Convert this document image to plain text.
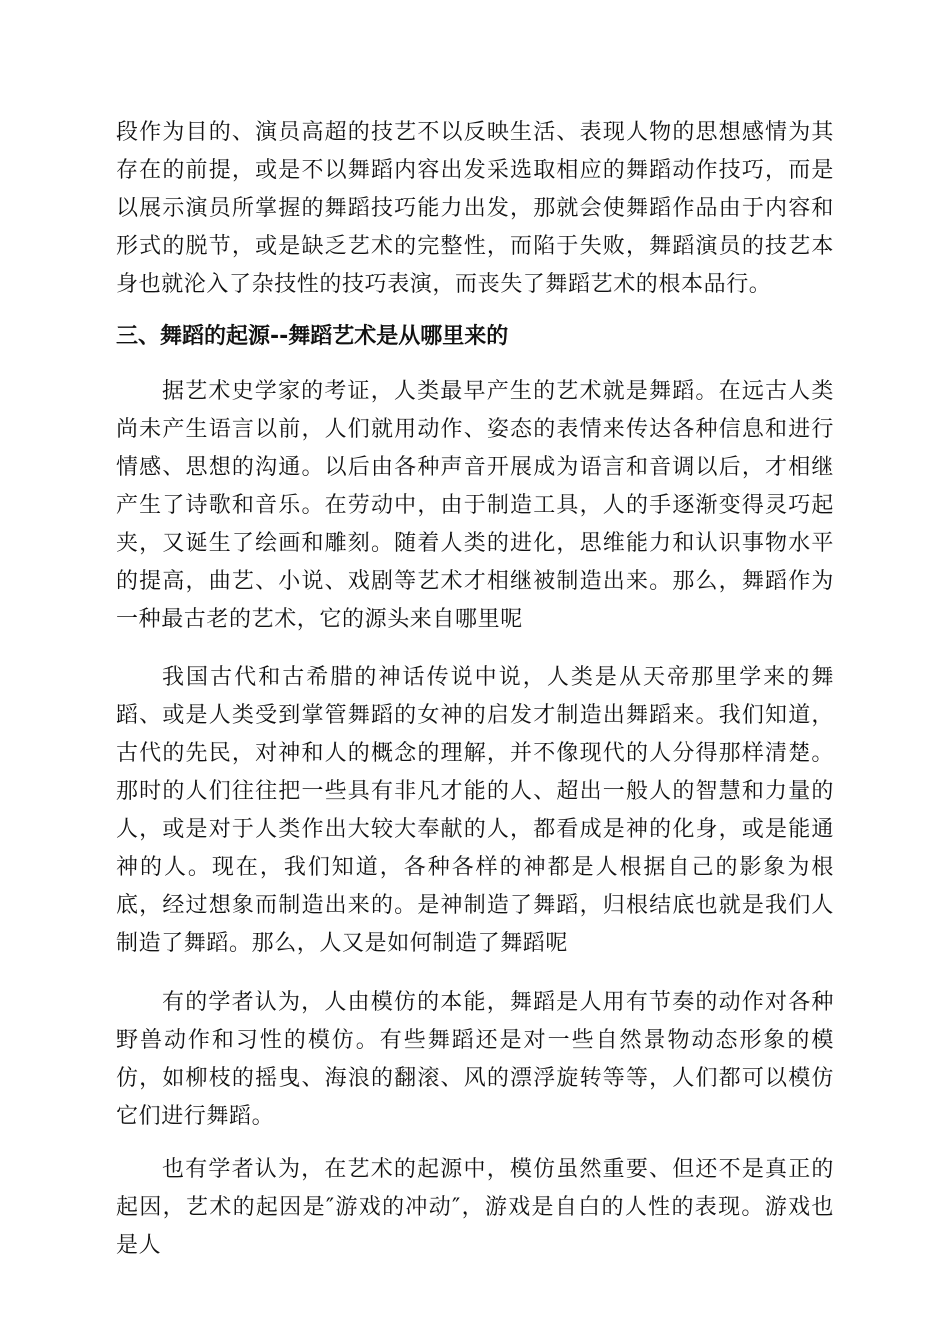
段作为目的、演员高超的技艺不以反映生活、表现人物的思想感情为其存在的前提，或是不以舞蹈内容出发采选取相应的舞蹈动作技巧，而是以展示演员所掌握的舞蹈技巧能力出发，那就会使舞蹈作品由于内容和形式的脱节，或是缺乏艺术的完整性，而陷于失败，舞蹈演员的技艺本身也就沦入了杂技性的技巧表演，而丧失了舞蹈艺术的根本品行。

三、舞蹈的起源--舞蹈艺术是从哪里来的

据艺术史学家的考证，人类最早产生的艺术就是舞蹈。在远古人类尚未产生语言以前，人们就用动作、姿态的表情来传达各种信息和进行情感、思想的沟通。以后由各种声音开展成为语言和音调以后，才相继产生了诗歌和音乐。在劳动中，由于制造工具，人的手逐渐变得灵巧起夹，又诞生了绘画和雕刻。随着人类的进化，思维能力和认识事物水平的提高，曲艺、小说、戏剧等艺术才相继被制造出来。那么，舞蹈作为一种最古老的艺术，它的源头来自哪里呢

我国古代和古希腊的神话传说中说，人类是从天帝那里学来的舞蹈、或是人类受到掌管舞蹈的女神的启发才制造出舞蹈来。我们知道，古代的先民，对神和人的概念的理解，并不像现代的人分得那样清楚。那时的人们往往把一些具有非凡才能的人、超出一般人的智慧和力量的人，或是对于人类作出大较大奉献的人，都看成是神的化身，或是能通神的人。现在，我们知道，各种各样的神都是人根据自己的影象为根底，经过想象而制造出来的。是神制造了舞蹈，归根结底也就是我们人制造了舞蹈。那么，人又是如何制造了舞蹈呢

有的学者认为，人由模仿的本能，舞蹈是人用有节奏的动作对各种野兽动作和习性的模仿。有些舞蹈还是对一些自然景物动态形象的模仿，如柳枝的摇曳、海浪的翻滚、风的漂浮旋转等等，人们都可以模仿它们进行舞蹈。

也有学者认为，在艺术的起源中，模仿虽然重要、但还不是真正的起因，艺术的起因是″游戏的冲动″，游戏是自白的人性的表现。游戏也是人
